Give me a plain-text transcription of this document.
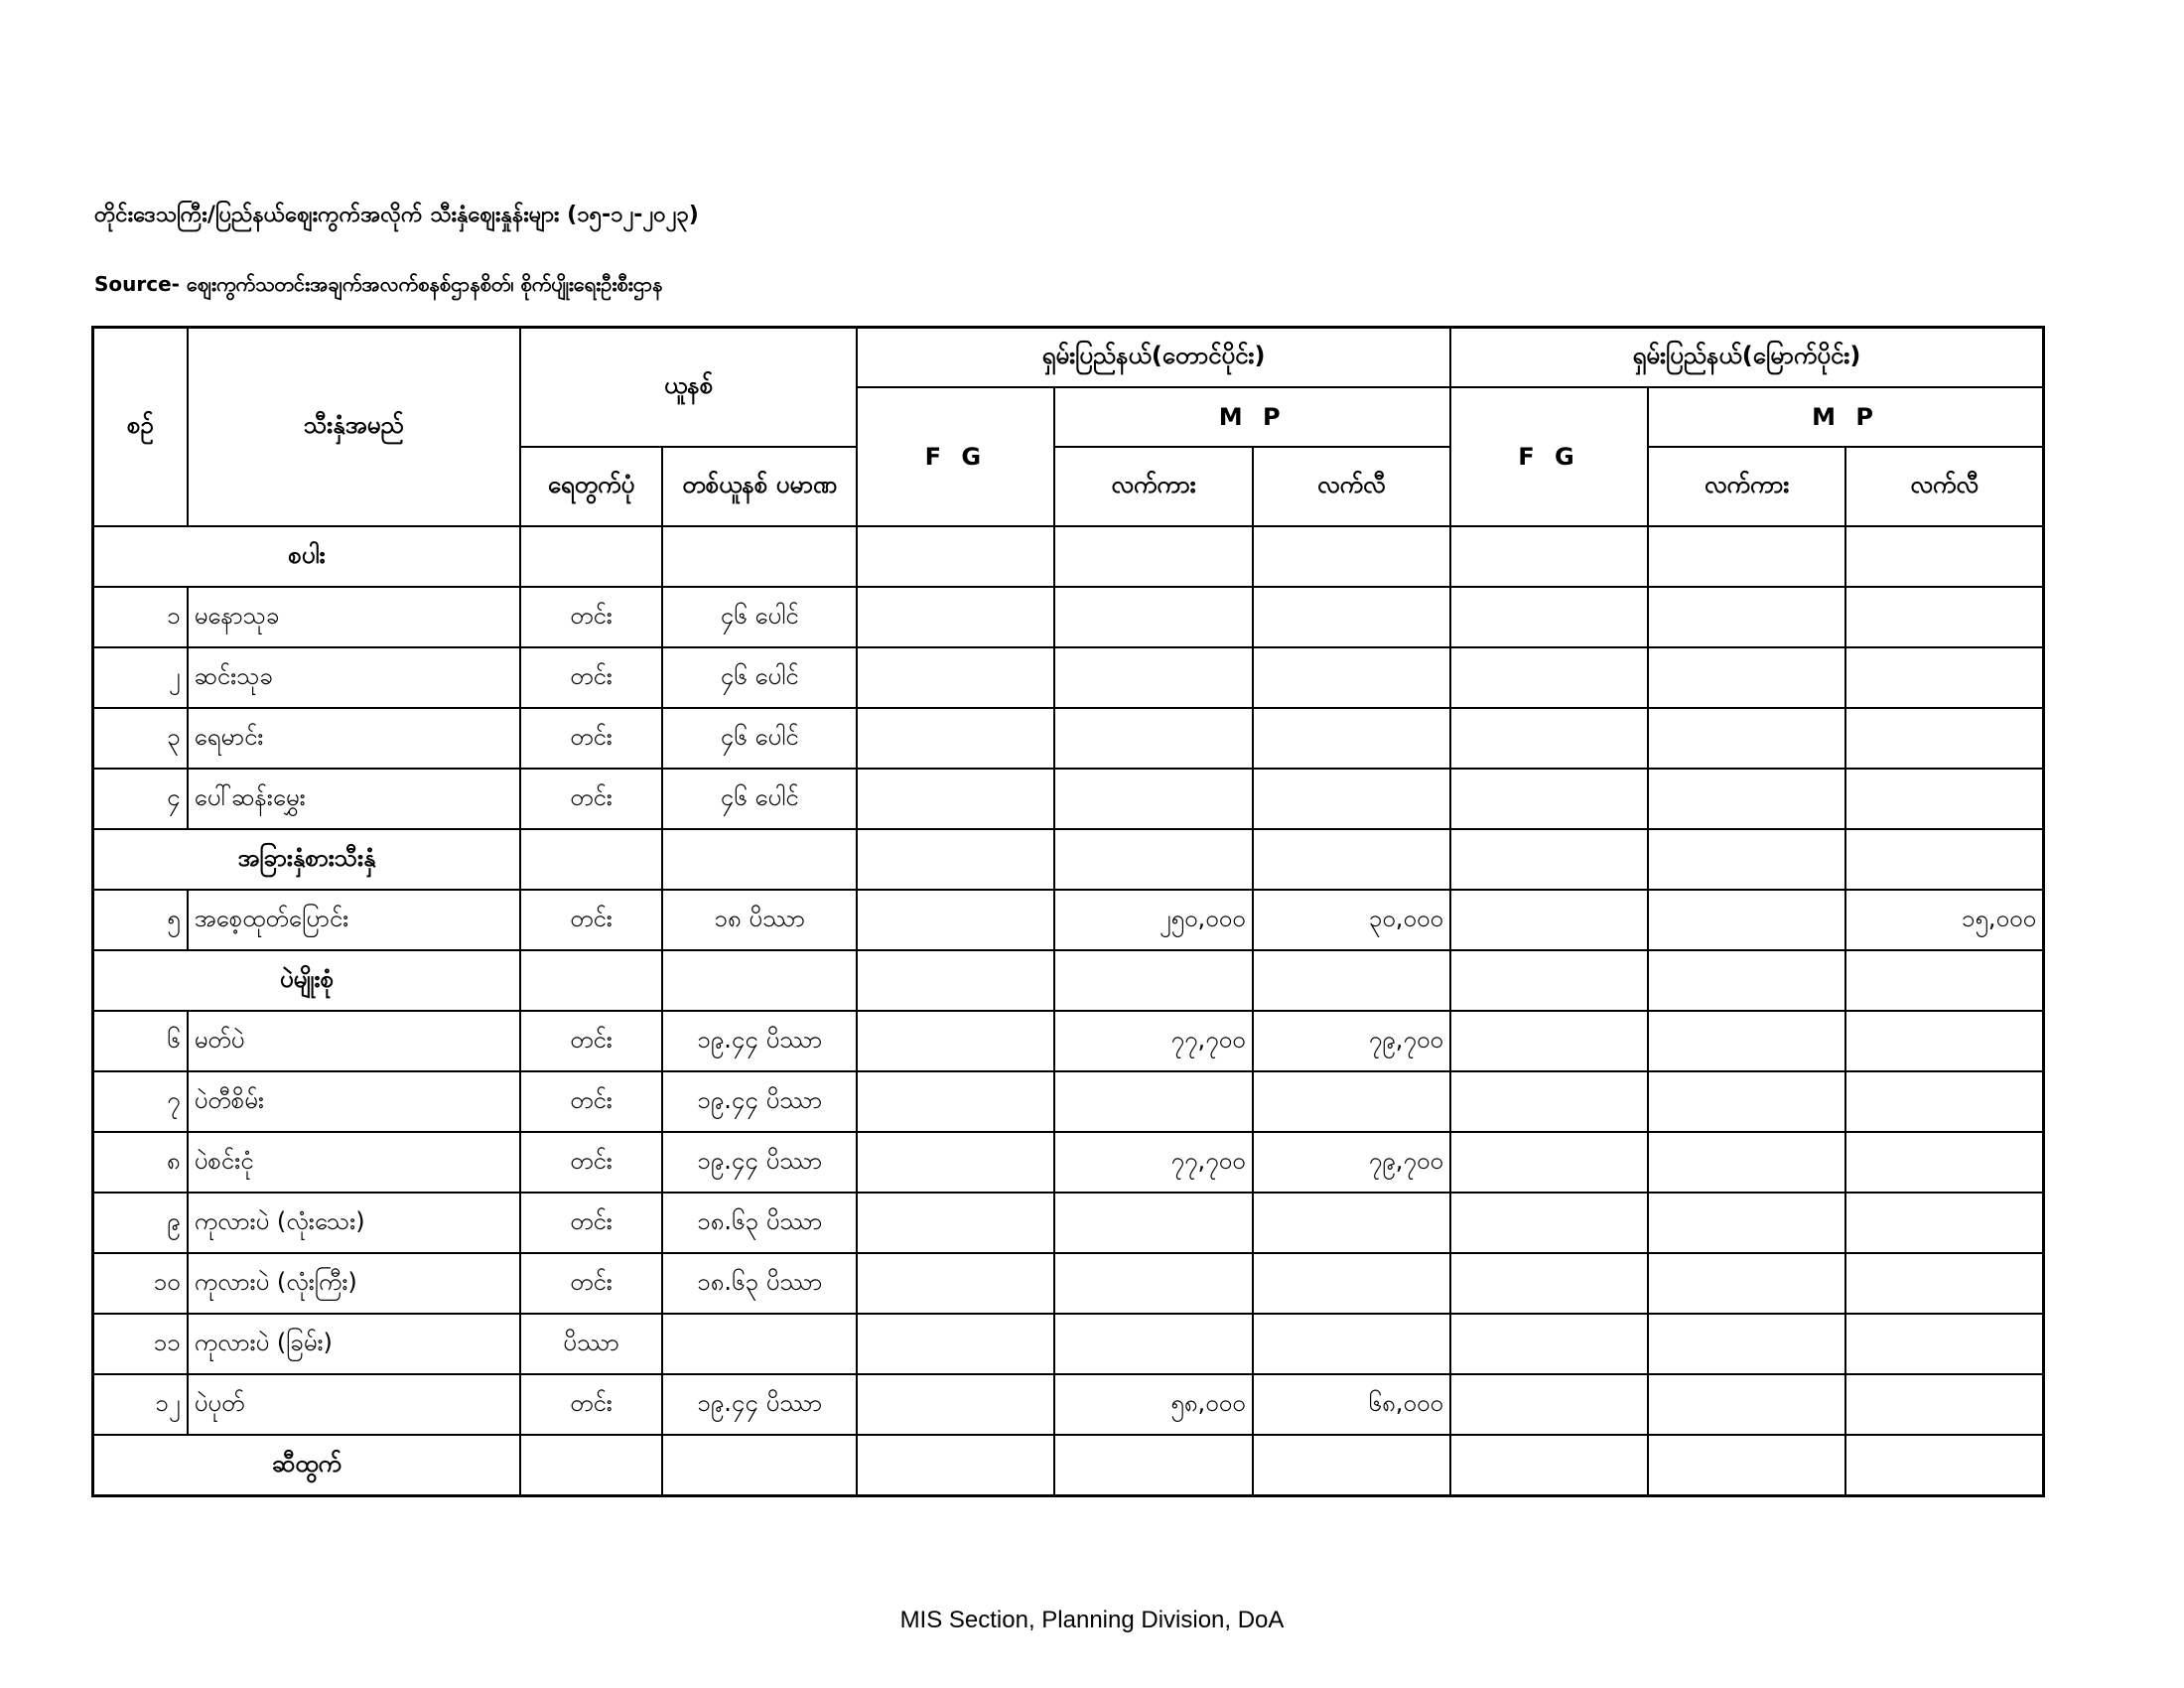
တိုင်းဒေသကြီး/ပြည်နယ်ဈေးကွက်အလိုက် သီးနှံဈေးနှုန်းများ (၁၅-၁၂-၂၀၂၃)
Source- ဈေးကွက်သတင်းအချက်အလက်စနစ်ဌာနစိတ်၊ စိုက်ပျိုးရေးဦးစီးဌာန
စဉ်	သီးနှံအမည်	ယူနစ်		ရှမ်းပြည်နယ်(တောင်ပိုင်း)			ရှမ်းပြည်နယ်(မြောက်ပိုင်း)		
				F G	M P		F G	M P	
		ရေတွက်ပုံ	တစ်ယူနစ် ပမာဏ		လက်ကား	လက်လီ		လက်ကား	လက်လီ
စပါး									
၁	မနောသုခ	တင်း	၄၆ ပေါင်						
၂	ဆင်းသုခ	တင်း	၄၆ ပေါင်						
၃	ရေမာင်း	တင်း	၄၆ ပေါင်						
၄	ပေါ်ဆန်းမွှေး	တင်း	၄၆ ပေါင်						
အခြားနှံစားသီးနှံ									
၅	အစေ့ထုတ်ပြောင်း	တင်း	၁၈ ပိဿာ		၂၅၀,၀၀၀	၃၀,၀၀၀			၁၅,၀၀၀
ပဲမျိုးစုံ									
၆	မတ်ပဲ	တင်း	၁၉.၄၄ ပိဿာ		၇၇,၇၀၀	၇၉,၇၀၀			
၇	ပဲတီစိမ်း	တင်း	၁၉.၄၄ ပိဿာ						
၈	ပဲစင်းငုံ	တင်း	၁၉.၄၄ ပိဿာ		၇၇,၇၀၀	၇၉,၇၀၀			
၉	ကုလားပဲ (လုံးသေး)	တင်း	၁၈.၆၃ ပိဿာ						
၁၀	ကုလားပဲ (လုံးကြီး)	တင်း	၁၈.၆၃ ပိဿာ						
၁၁	ကုလားပဲ (ခြမ်း)	ပိဿာ							
၁၂	ပဲပုတ်	တင်း	၁၉.၄၄ ပိဿာ		၅၈,၀၀၀	၆၈,၀၀၀			
ဆီထွက်									
MIS Section, Planning Division, DoA
